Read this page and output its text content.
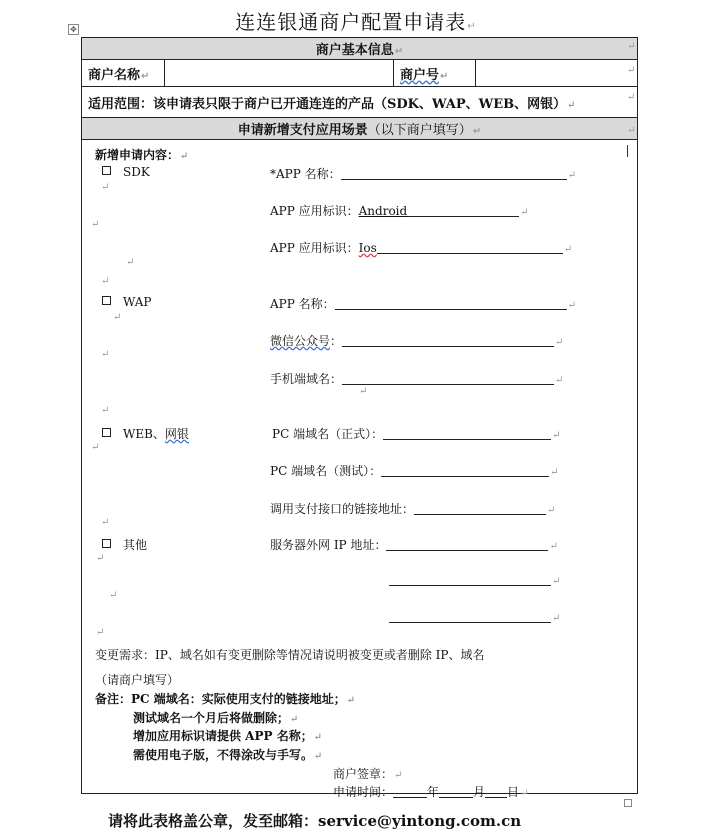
连连银通商户配置申请表↵
✥
商户基本信息↵
商户名称↵		商户号↵	
适用范围：该申请表只限于商户已开通连连的产品（SDK、WAP、WEB、网银）↵
申请新增支付应用场景（以下商户填写）↵

新增申请内容：↵
SDK	*APP 名称：	↵
↵
APP 应用标识：Android	↵
↵
APP 应用标识：Ios	↵
↵
↵
WAP	APP 名称：	↵
↵
微信公众号：	↵
↵
手机端域名：	↵
↵
↵
WEB、网银	PC 端域名（正式）：	↵
↵
PC 端域名（测试）：	↵
调用支付接口的链接地址：	↵
↵
其他	服务器外网 IP 地址：	↵
↵
↵
↵
↵
↵
变更需求：IP、域名如有变更删除等情况请说明被变更或者删除 IP、域名
（请商户填写）
备注：PC 端域名：实际使用支付的链接地址；↵
测试域名一个月后将做删除；↵
增加应用标识请提供 APP 名称；↵
需使用电子版，不得涂改与手写。↵
商户签章：↵
申请时间：	年	月 日↵
↵
↵
↵
↵
请将此表格盖公章，发至邮箱：service@yintong.com.cn
